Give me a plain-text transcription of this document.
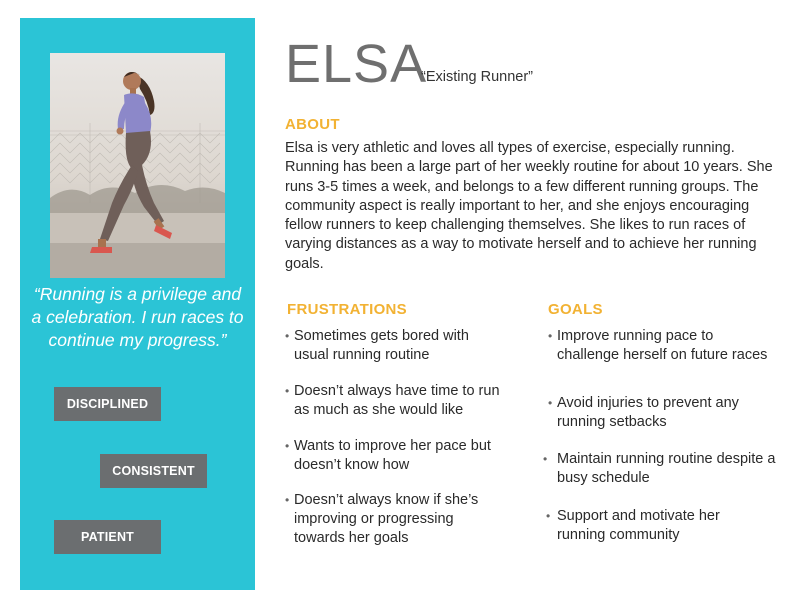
“Running is a privilege and a celebration. I run races to continue my progress.”
DISCIPLINED
CONSISTENT
PATIENT
ELSA
“Existing Runner”
ABOUT
Elsa is very athletic and loves all types of exercise, especially running. Running has been a large part of her weekly routine for about 10 years. She runs 3-5 times a week, and belongs to a few different running groups. The community aspect is really important to her, and she enjoys encouraging fellow runners to keep challenging themselves. She likes to run races of varying distances as a way to motivate herself and to achieve her running goals.
FRUSTRATIONS	GOALS
• Sometimes gets bored with usual running routine
• Doesn’t always have time to run as much as she would like
• Wants to improve her pace but doesn’t know how
• Doesn’t always know if she’s improving or progressing towards her goals
• Improve running pace to challenge herself on future races
• Avoid injuries to prevent any running setbacks
• Maintain running routine despite a busy schedule
• Support and motivate her running community
